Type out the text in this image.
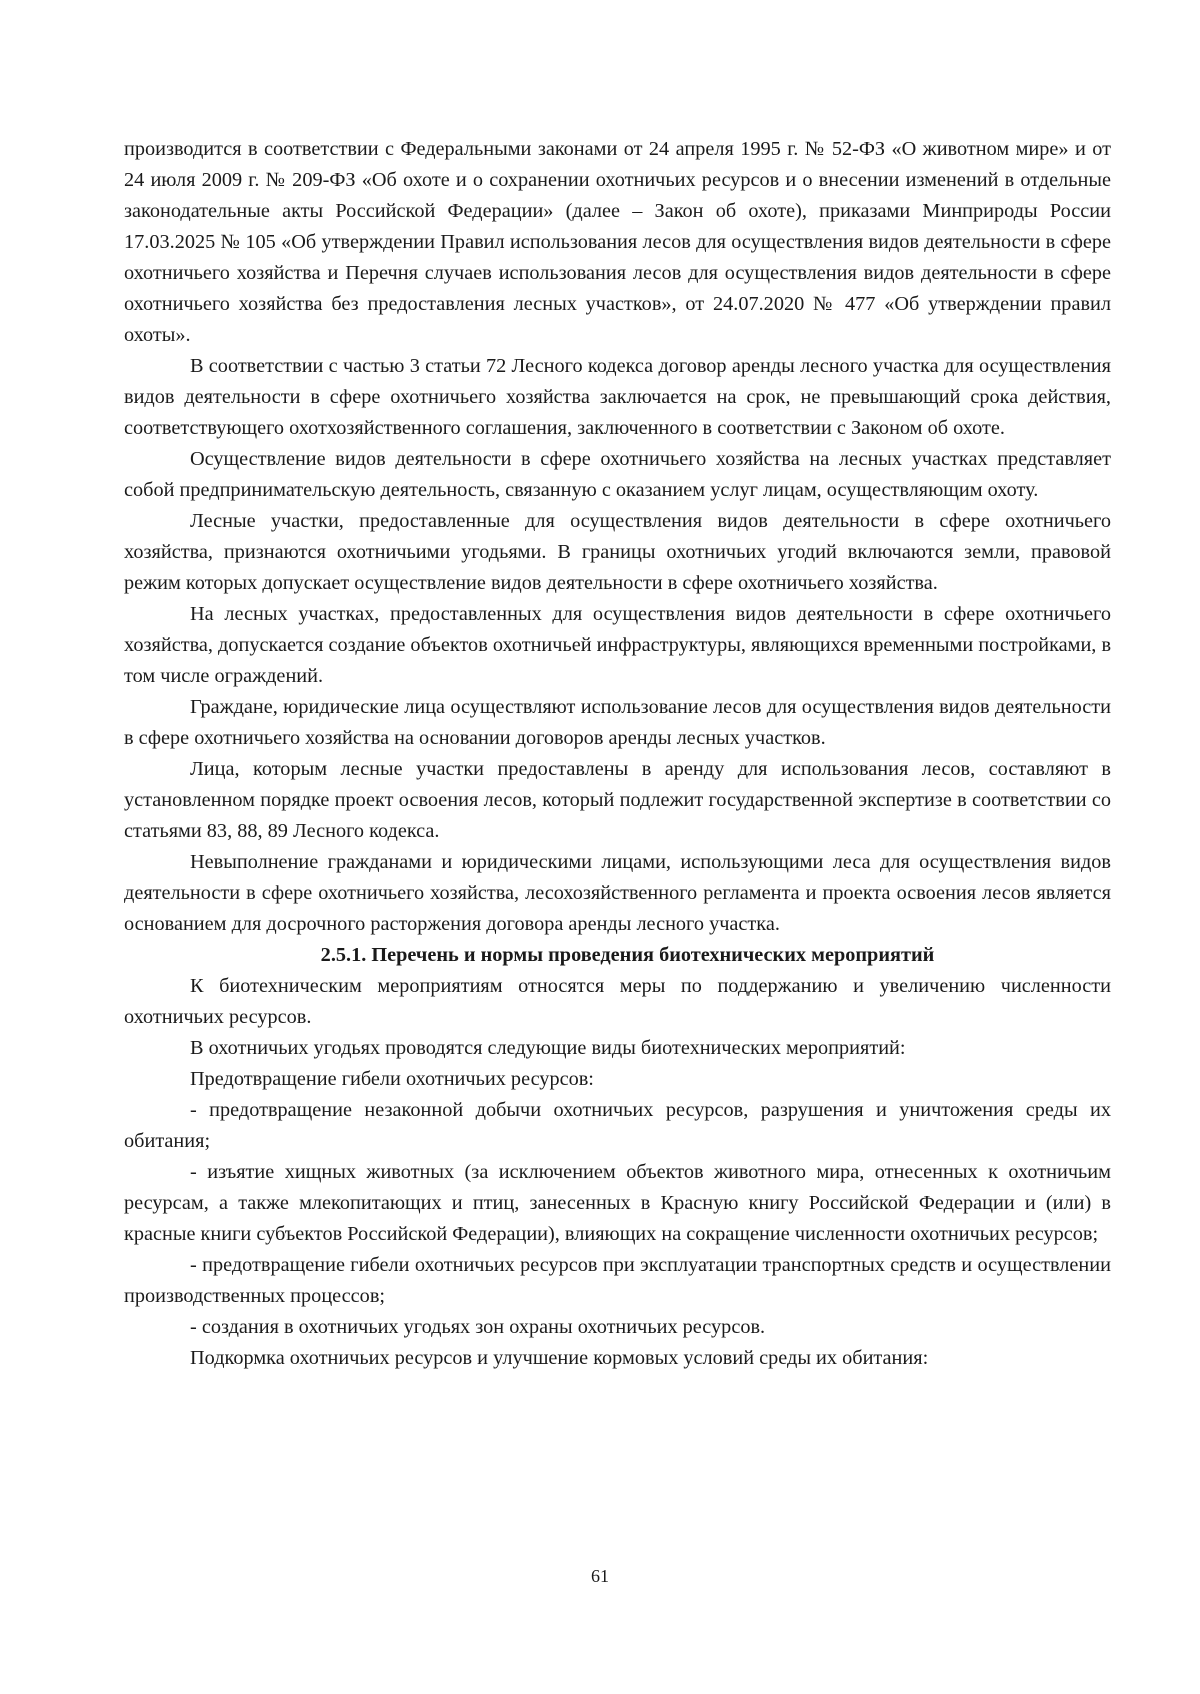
производится в соответствии с Федеральными законами от 24 апреля 1995 г. № 52-ФЗ «О животном мире» и от 24 июля 2009 г. № 209-ФЗ «Об охоте и о сохранении охотничьих ресурсов и о внесении изменений в отдельные законодательные акты Российской Федерации» (далее – Закон об охоте), приказами Минприроды России 17.03.2025 № 105 «Об утверждении Правил использования лесов для осуществления видов деятельности в сфере охотничьего хозяйства и Перечня случаев использования лесов для осуществления видов деятельности в сфере охотничьего хозяйства без предоставления лесных участков», от 24.07.2020 № 477 «Об утверждении правил охоты».

В соответствии с частью 3 статьи 72 Лесного кодекса договор аренды лесного участка для осуществления видов деятельности в сфере охотничьего хозяйства заключается на срок, не превышающий срока действия, соответствующего охотхозяйственного соглашения, заключенного в соответствии с Законом об охоте.

Осуществление видов деятельности в сфере охотничьего хозяйства на лесных участках представляет собой предпринимательскую деятельность, связанную с оказанием услуг лицам, осуществляющим охоту.

Лесные участки, предоставленные для осуществления видов деятельности в сфере охотничьего хозяйства, признаются охотничьими угодьями. В границы охотничьих угодий включаются земли, правовой режим которых допускает осуществление видов деятельности в сфере охотничьего хозяйства.

На лесных участках, предоставленных для осуществления видов деятельности в сфере охотничьего хозяйства, допускается создание объектов охотничьей инфраструктуры, являющихся временными постройками, в том числе ограждений.

Граждане, юридические лица осуществляют использование лесов для осуществления видов деятельности в сфере охотничьего хозяйства на основании договоров аренды лесных участков.

Лица, которым лесные участки предоставлены в аренду для использования лесов, составляют в установленном порядке проект освоения лесов, который подлежит государственной экспертизе в соответствии со статьями 83, 88, 89 Лесного кодекса.

Невыполнение гражданами и юридическими лицами, использующими леса для осуществления видов деятельности в сфере охотничьего хозяйства, лесохозяйственного регламента и проекта освоения лесов является основанием для досрочного расторжения договора аренды лесного участка.

2.5.1. Перечень и нормы проведения биотехнических мероприятий

К биотехническим мероприятиям относятся меры по поддержанию и увеличению численности охотничьих ресурсов.

В охотничьих угодьях проводятся следующие виды биотехнических мероприятий:

Предотвращение гибели охотничьих ресурсов:

- предотвращение незаконной добычи охотничьих ресурсов, разрушения и уничтожения среды их обитания;

- изъятие хищных животных (за исключением объектов животного мира, отнесенных к охотничьим ресурсам, а также млекопитающих и птиц, занесенных в Красную книгу Российской Федерации и (или) в красные книги субъектов Российской Федерации), влияющих на сокращение численности охотничьих ресурсов;

- предотвращение гибели охотничьих ресурсов при эксплуатации транспортных средств и осуществлении производственных процессов;

- создания в охотничьих угодьях зон охраны охотничьих ресурсов.

Подкормка охотничьих ресурсов и улучшение кормовых условий среды их обитания:

61
